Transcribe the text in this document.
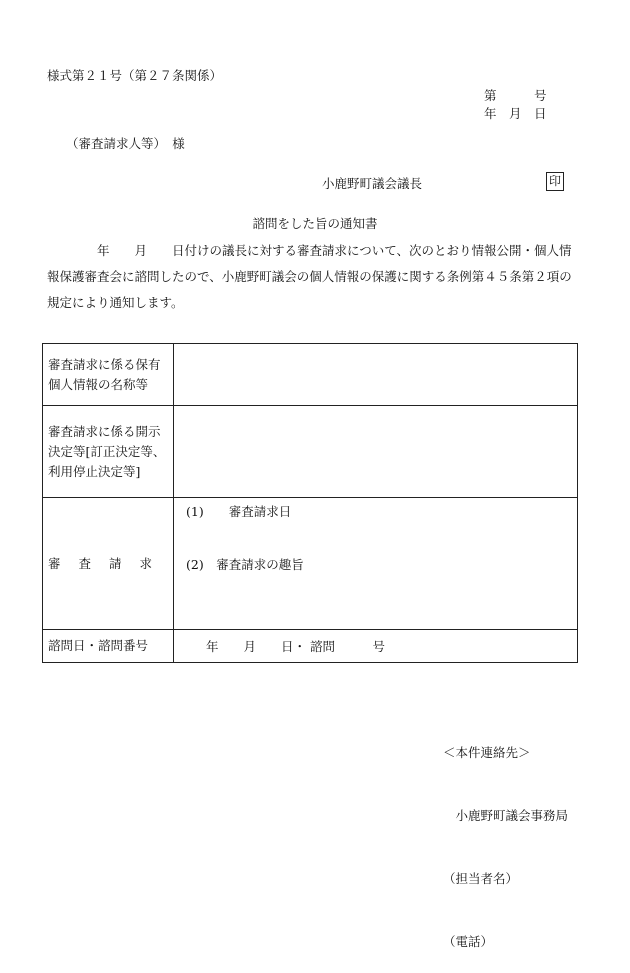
様式第２１号（第２７条関係）
第　　　号
年　月　日
（審査請求人等）　様
小鹿野町議会議長	印
諮問をした旨の通知書
年　　月　　日付けの議長に対する審査請求について、次のとおり情報公開・個人情報保護審査会に諮問したので、小鹿野町議会の個人情報の保護に関する条例第４５条第２項の規定により通知します。
審査請求に係る保有個人情報の名称等	

審査請求に係る開示決定等[訂正決定等、利用停止決定等]	

審査請求	(1)　　審査請求日
(2)　審査請求の趣旨

諮問日・諮問番号	年　　月　　日・ 諮問　　　号

＜本件連絡先＞

　小鹿野町議会事務局

（担当者名）

（電話）
